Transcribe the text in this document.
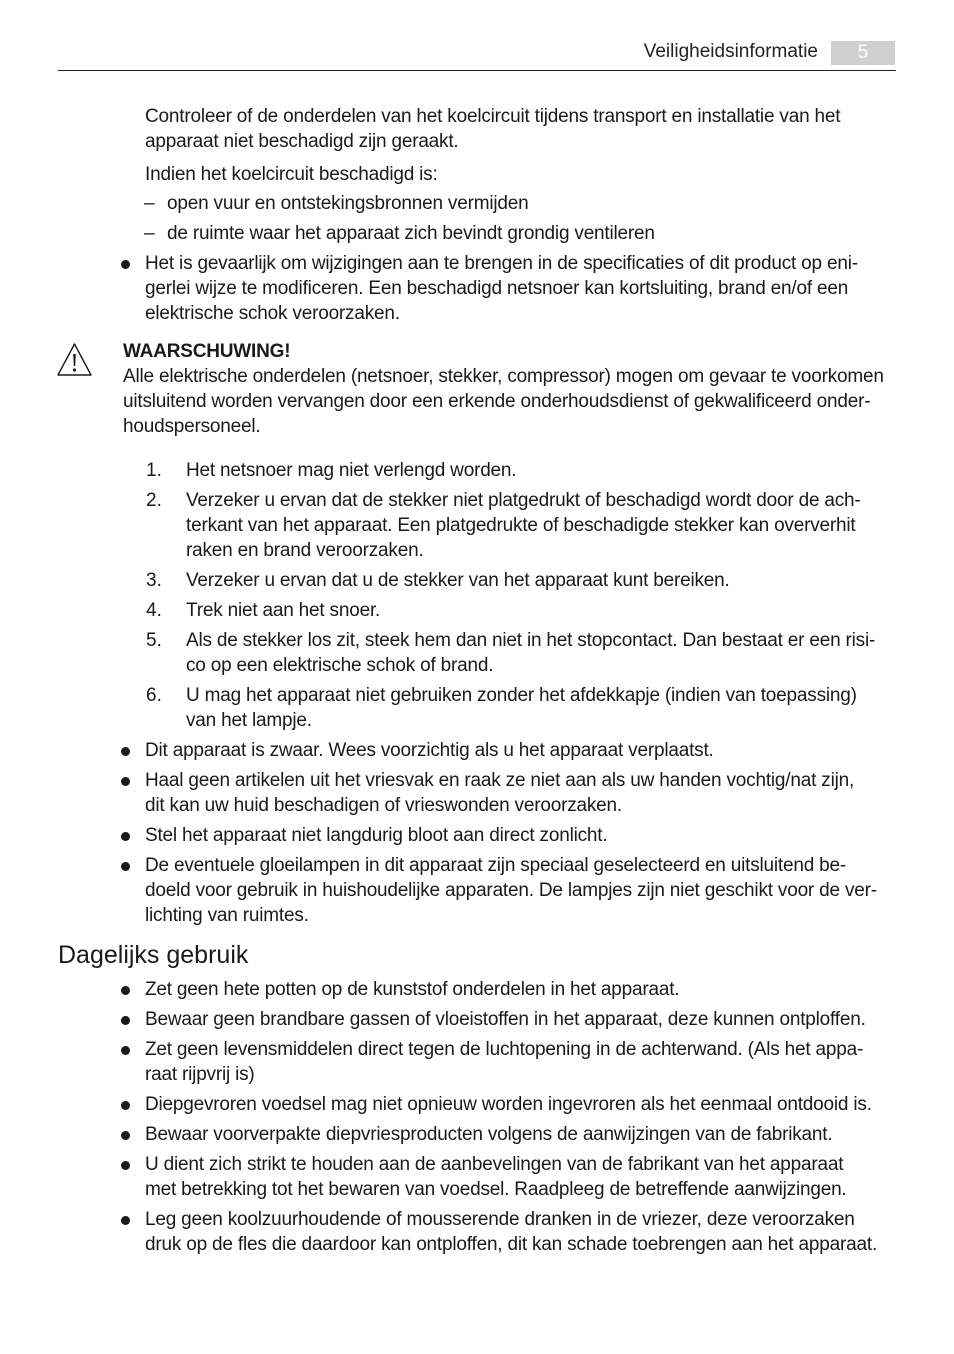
Veiligheidsinformatie	5
Controleer of de onderdelen van het koelcircuit tijdens transport en installatie van het
apparaat niet beschadigd zijn geraakt.
Indien het koelcircuit beschadigd is:
– open vuur en ontstekingsbronnen vermijden
– de ruimte waar het apparaat zich bevindt grondig ventileren
Het is gevaarlijk om wijzigingen aan te brengen in de specificaties of dit product op eni-
gerlei wijze te modificeren. Een beschadigd netsnoer kan kortsluiting, brand en/of een
elektrische schok veroorzaken.
WAARSCHUWING!
Alle elektrische onderdelen (netsnoer, stekker, compressor) mogen om gevaar te voorkomen
uitsluitend worden vervangen door een erkende onderhoudsdienst of gekwalificeerd onder-
houdspersoneel.
1. Het netsnoer mag niet verlengd worden.
2. Verzeker u ervan dat de stekker niet platgedrukt of beschadigd wordt door de ach-
terkant van het apparaat. Een platgedrukte of beschadigde stekker kan oververhit
raken en brand veroorzaken.
3. Verzeker u ervan dat u de stekker van het apparaat kunt bereiken.
4. Trek niet aan het snoer.
5. Als de stekker los zit, steek hem dan niet in het stopcontact. Dan bestaat er een risi-
co op een elektrische schok of brand.
6. U mag het apparaat niet gebruiken zonder het afdekkapje (indien van toepassing)
van het lampje.
Dit apparaat is zwaar. Wees voorzichtig als u het apparaat verplaatst.
Haal geen artikelen uit het vriesvak en raak ze niet aan als uw handen vochtig/nat zijn,
dit kan uw huid beschadigen of vrieswonden veroorzaken.
Stel het apparaat niet langdurig bloot aan direct zonlicht.
De eventuele gloeilampen in dit apparaat zijn speciaal geselecteerd en uitsluitend be-
doeld voor gebruik in huishoudelijke apparaten. De lampjes zijn niet geschikt voor de ver-
lichting van ruimtes.
Dagelijks gebruik
Zet geen hete potten op de kunststof onderdelen in het apparaat.
Bewaar geen brandbare gassen of vloeistoffen in het apparaat, deze kunnen ontploffen.
Zet geen levensmiddelen direct tegen de luchtopening in de achterwand. (Als het appa-
raat rijpvrij is)
Diepgevroren voedsel mag niet opnieuw worden ingevroren als het eenmaal ontdooid is.
Bewaar voorverpakte diepvriesproducten volgens de aanwijzingen van de fabrikant.
U dient zich strikt te houden aan de aanbevelingen van de fabrikant van het apparaat
met betrekking tot het bewaren van voedsel. Raadpleeg de betreffende aanwijzingen.
Leg geen koolzuurhoudende of mousserende dranken in de vriezer, deze veroorzaken
druk op de fles die daardoor kan ontploffen, dit kan schade toebrengen aan het apparaat.
